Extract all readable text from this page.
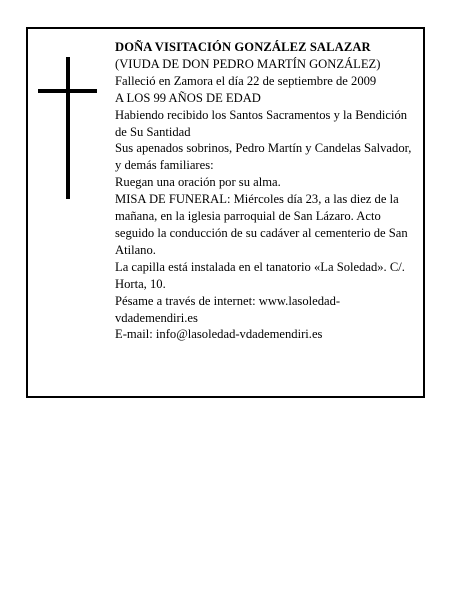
DOÑA VISITACIÓN GONZÁLEZ SALAZAR
(VIUDA DE DON PEDRO MARTÍN GONZÁLEZ)
Falleció en Zamora el día 22 de septiembre de 2009
A LOS 99 AÑOS DE EDAD
Habiendo recibido los Santos Sacramentos y la Bendición de Su Santidad
Sus apenados sobrinos, Pedro Martín y Candelas Salvador, y demás familiares:
Ruegan una oración por su alma.
MISA DE FUNERAL: Miércoles día 23, a las diez de la mañana, en la iglesia parroquial de San Lázaro. Acto seguido la conducción de su cadáver al cementerio de San Atilano.
La capilla está instalada en el tanatorio «La Soledad». C/. Horta, 10.
Pésame a través de internet: www.lasoledad-vdademendiri.es
E-mail: info@lasoledad-vdademendiri.es
